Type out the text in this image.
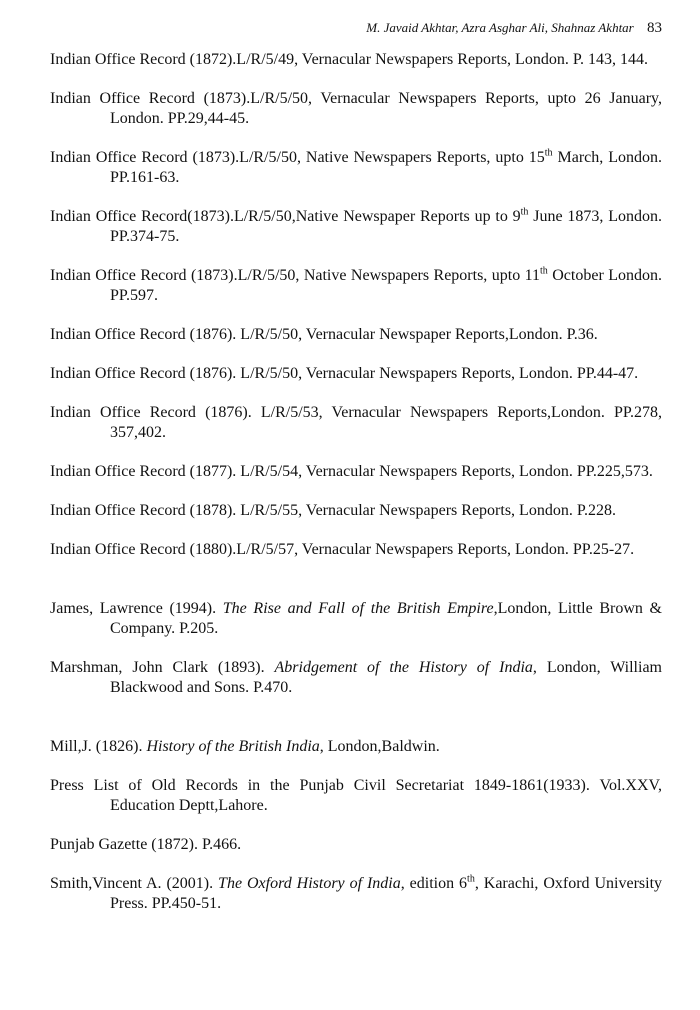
M. Javaid Akhtar, Azra Asghar Ali, Shahnaz Akhtar 83

Indian Office Record (1872).L/R/5/49, Vernacular Newspapers Reports, London. P. 143, 144.

Indian Office Record (1873).L/R/5/50, Vernacular Newspapers Reports, upto 26 January, London. PP.29,44-45.

Indian Office Record (1873).L/R/5/50, Native Newspapers Reports, upto 15th March, London. PP.161-63.

Indian Office Record(1873).L/R/5/50,Native Newspaper Reports up to 9th June 1873, London. PP.374-75.

Indian Office Record (1873).L/R/5/50, Native Newspapers Reports, upto 11th October London. PP.597.

Indian Office Record (1876). L/R/5/50, Vernacular Newspaper Reports,London. P.36.

Indian Office Record (1876). L/R/5/50, Vernacular Newspapers Reports, London. PP.44-47.

Indian Office Record (1876). L/R/5/53, Vernacular Newspapers Reports,London. PP.278, 357,402.

Indian Office Record (1877). L/R/5/54, Vernacular Newspapers Reports, London. PP.225,573.

Indian Office Record (1878). L/R/5/55, Vernacular Newspapers Reports, London. P.228.

Indian Office Record (1880).L/R/5/57, Vernacular Newspapers Reports, London. PP.25-27.

James, Lawrence (1994). The Rise and Fall of the British Empire,London, Little Brown & Company. P.205.

Marshman, John Clark (1893). Abridgement of the History of India, London, William Blackwood and Sons. P.470.

Mill,J. (1826). History of the British India, London,Baldwin.

Press List of Old Records in the Punjab Civil Secretariat 1849-1861(1933). Vol.XXV, Education Deptt,Lahore.

Punjab Gazette (1872). P.466.

Smith,Vincent A. (2001). The Oxford History of India, edition 6th, Karachi, Oxford University Press. PP.450-51.
